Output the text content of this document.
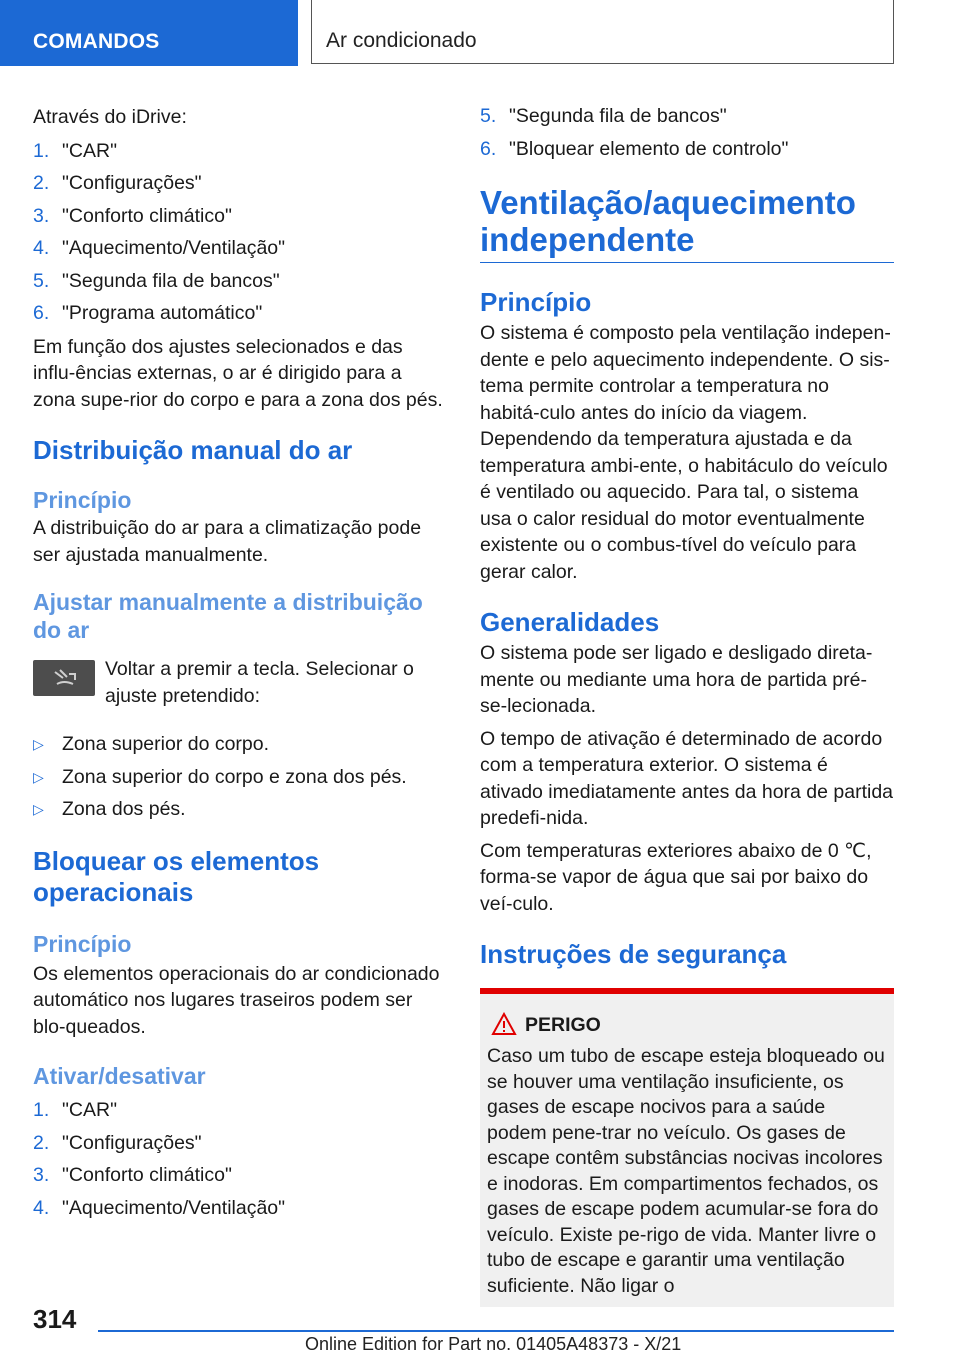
COMANDOS	Ar condicionado

Através do iDrive:

1. "CAR"
2. "Configurações"
3. "Conforto climático"
4. "Aquecimento/Ventilação"
5. "Segunda fila de bancos"
6. "Programa automático"

Em função dos ajustes selecionados e das influ-ências externas, o ar é dirigido para a zona supe-rior do corpo e para a zona dos pés.

Distribuição manual do ar
Princípio

A distribuição do ar para a climatização pode ser ajustada manualmente.

Ajustar manualmente a distribuição do ar
Voltar a premir a tecla. Selecionar o ajuste pretendido:
▷ Zona superior do corpo.
▷ Zona superior do corpo e zona dos pés.
▷ Zona dos pés.
Bloquear os elementos operacionais
Princípio

Os elementos operacionais do ar condicionado automático nos lugares traseiros podem ser blo-queados.

Ativar/desativar
1. "CAR"
2. "Configurações"
3. "Conforto climático"
4. "Aquecimento/Ventilação"
5. "Segunda fila de bancos"
6. "Bloquear elemento de controlo"
Ventilação/aquecimento independente
Princípio

O sistema é composto pela ventilação indepen-dente e pelo aquecimento independente. O sis-tema permite controlar a temperatura no habitá-culo antes do início da viagem. Dependendo da temperatura ajustada e da temperatura ambi-ente, o habitáculo do veículo é ventilado ou aquecido. Para tal, o sistema usa o calor residual do motor eventualmente existente ou o combus-tível do veículo para gerar calor.

Generalidades

O sistema pode ser ligado e desligado direta-mente ou mediante uma hora de partida pré-se-lecionada.

O tempo de ativação é determinado de acordo com a temperatura exterior. O sistema é ativado imediatamente antes da hora de partida predefi-nida.

Com temperaturas exteriores abaixo de 0 ℃, forma-se vapor de água que sai por baixo do veí-culo.

Instruções de segurança
PERIGO

Caso um tubo de escape esteja bloqueado ou se houver uma ventilação insuficiente, os gases de escape nocivos para a saúde podem pene-trar no veículo. Os gases de escape contêm substâncias nocivas incolores e inodoras. Em compartimentos fechados, os gases de escape podem acumular-se fora do veículo. Existe pe-rigo de vida. Manter livre o tubo de escape e garantir uma ventilação suficiente. Não ligar o

314
Online Edition for Part no. 01405A48373 - X/21
